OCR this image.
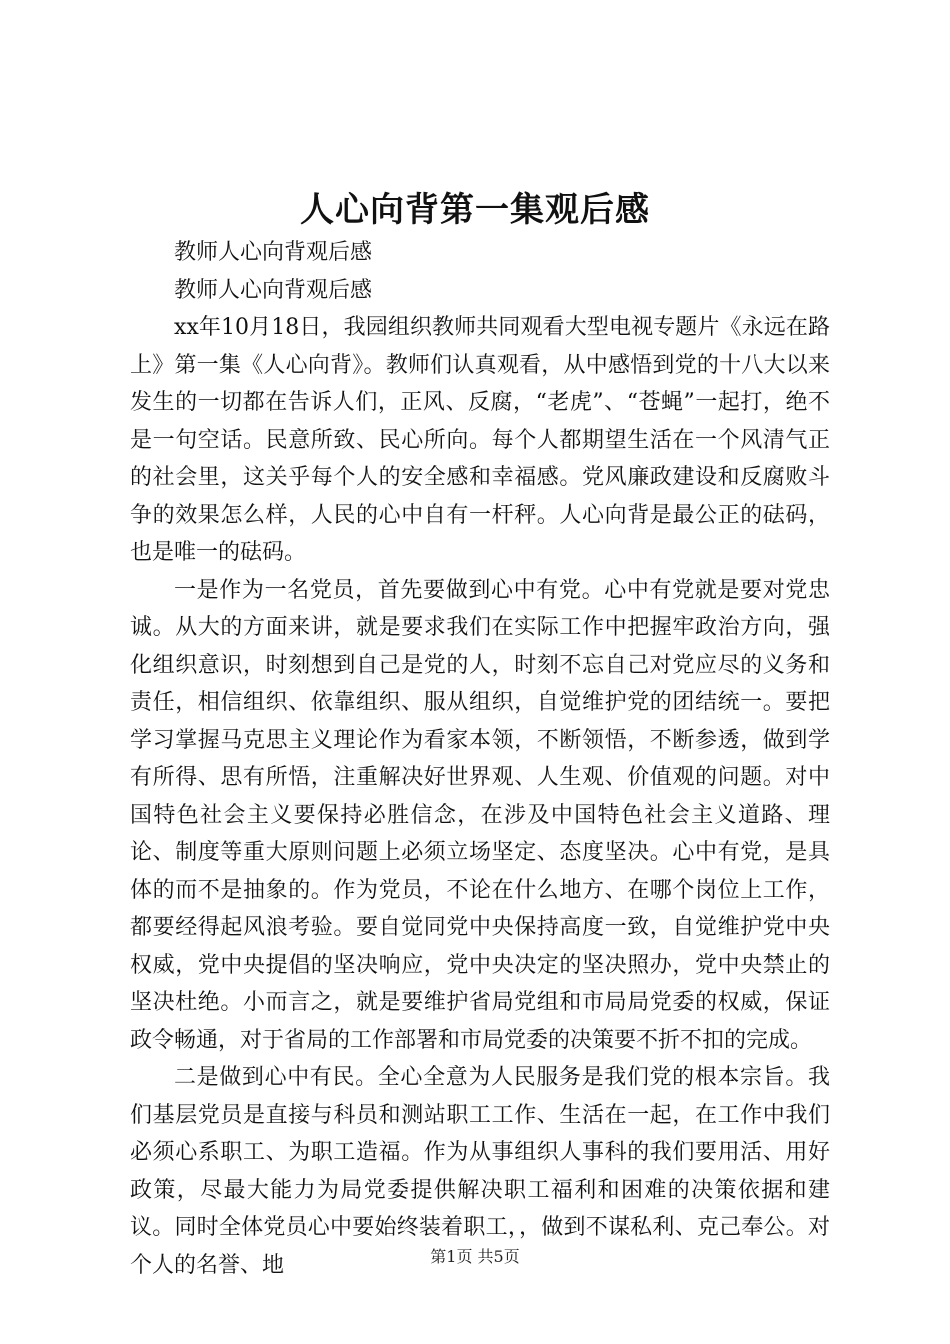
人心向背第一集观后感

教师人心向背观后感

教师人心向背观后感

xx年10月18日，我园组织教师共同观看大型电视专题片《永远在路上》第一集《人心向背》。教师们认真观看，从中感悟到党的十八大以来发生的一切都在告诉人们，正风、反腐，“老虎”、“苍蝇”一起打，绝不是一句空话。民意所致、民心所向。每个人都期望生活在一个风清气正的社会里，这关乎每个人的安全感和幸福感。党风廉政建设和反腐败斗争的效果怎么样，人民的心中自有一杆秤。人心向背是最公正的砝码，也是唯一的砝码。

一是作为一名党员，首先要做到心中有党。心中有党就是要对党忠诚。从大的方面来讲，就是要求我们在实际工作中把握牢政治方向，强化组织意识，时刻想到自己是党的人，时刻不忘自己对党应尽的义务和责任，相信组织、依靠组织、服从组织，自觉维护党的团结统一。要把学习掌握马克思主义理论作为看家本领，不断领悟，不断参透，做到学有所得、思有所悟，注重解决好世界观、人生观、价值观的问题。对中国特色社会主义要保持必胜信念，在涉及中国特色社会主义道路、理论、制度等重大原则问题上必须立场坚定、态度坚决。心中有党，是具体的而不是抽象的。作为党员，不论在什么地方、在哪个岗位上工作，都要经得起风浪考验。要自觉同党中央保持高度一致，自觉维护党中央权威，党中央提倡的坚决响应，党中央决定的坚决照办，党中央禁止的坚决杜绝。小而言之，就是要维护省局党组和市局局党委的权威，保证政令畅通，对于省局的工作部署和市局党委的决策要不折不扣的完成。

二是做到心中有民。全心全意为人民服务是我们党的根本宗旨。我们基层党员是直接与科员和测站职工工作、生活在一起，在工作中我们必须心系职工、为职工造福。作为从事组织人事科的我们要用活、用好政策，尽最大能力为局党委提供解决职工福利和困难的决策依据和建议。同时全体党员心中要始终装着职工，，做到不谋私利、克己奉公。对个人的名誉、地	第1页 共5页
